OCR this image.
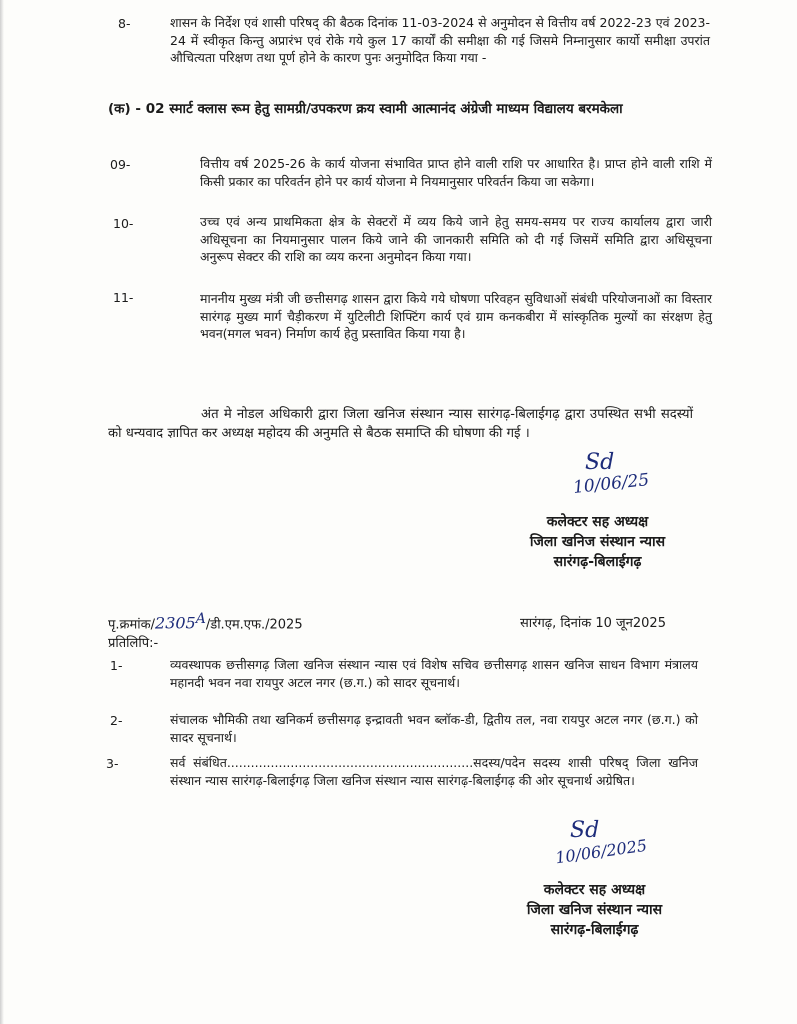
8-	शासन के निर्देश एवं शासी परिषद् की बैठक दिनांक 11-03-2024 से अनुमोदन से वित्तीय वर्ष 2022-23 एवं 2023-24 में स्वीकृत किन्तु अप्रारंभ एवं रोके गये कुल 17 कार्यों की समीक्षा की गई जिसमे निम्नानुसार कार्यो समीक्षा उपरांत औचित्यता परिक्षण तथा पूर्ण होने के कारण पुनः अनुमोदित किया गया -
(क) - 02 स्मार्ट क्लास रूम हेतु सामग्री/उपकरण क्रय स्वामी आत्मानंद अंग्रेजी माध्यम विद्यालय बरमकेला
09-	वित्तीय वर्ष 2025-26 के कार्य योजना संभावित प्राप्त होने वाली राशि पर आधारित है। प्राप्त होने वाली राशि में किसी प्रकार का परिवर्तन होने पर कार्य योजना मे नियमानुसार परिवर्तन किया जा सकेगा।
10-	उच्च एवं अन्य प्राथमिकता क्षेत्र के सेक्टरों में व्यय किये जाने हेतु समय-समय पर राज्य कार्यालय द्वारा जारी अधिसूचना का नियमानुसार पालन किये जाने की जानकारी समिति को दी गई जिसमें समिति द्वारा अधिसूचना अनुरूप सेक्टर की राशि का व्यय करना अनुमोदन किया गया।
11-	माननीय मुख्य मंत्री जी छत्तीसगढ़ शासन द्वारा किये गये घोषणा परिवहन सुविधाओं संबंधी परियोजनाओं का विस्तार सारंगढ़ मुख्य मार्ग चैड़ीकरण में युटिलीटी शिफ्टिंग कार्य एवं ग्राम कनकबीरा में सांस्कृतिक मुल्यों का संरक्षण हेतु भवन(मगल भवन) निर्माण कार्य हेतु प्रस्तावित किया गया है।
अंत मे नोडल अधिकारी द्वारा जिला खनिज संस्थान न्यास सारंगढ़-बिलाईगढ़ द्वारा उपस्थित सभी सदस्यों को धन्यवाद ज्ञापित कर अध्यक्ष महोदय की अनुमति से बैठक समाप्ति की घोषणा की गई ।
Sd
10/06/25
कलेक्टर सह अध्यक्ष
जिला खनिज संस्थान न्यास
सारंगढ़-बिलाईगढ़
$पृ.क्रमांक/2305^A/डी.एम.एफ./2025$	सारंगढ़, दिनांक 10 जून2025
प्रतिलिपि:-
1-	व्यवस्थापक छत्तीसगढ़ जिला खनिज संस्थान न्यास एवं विशेष सचिव छत्तीसगढ़ शासन खनिज साधन विभाग मंत्रालय महानदी भवन नवा रायपुर अटल नगर (छ.ग.) को सादर सूचनार्थ।
2-	संचालक भौमिकी तथा खनिकर्म छत्तीसगढ़ इन्द्रावती भवन ब्लॉक-डी, द्वितीय तल, नवा रायपुर अटल नगर (छ.ग.) को सादर सूचनार्थ।
3-	सर्व संबंधित..............................................................सदस्य/पदेन सदस्य शासी परिषद् जिला खनिज संस्थान न्यास सारंगढ़-बिलाईगढ़ जिला खनिज संस्थान न्यास सारंगढ़-बिलाईगढ़ की ओर सूचनार्थ अग्रेषित।
Sd
10/06/2025
कलेक्टर सह अध्यक्ष
जिला खनिज संस्थान न्यास
सारंगढ़-बिलाईगढ़
